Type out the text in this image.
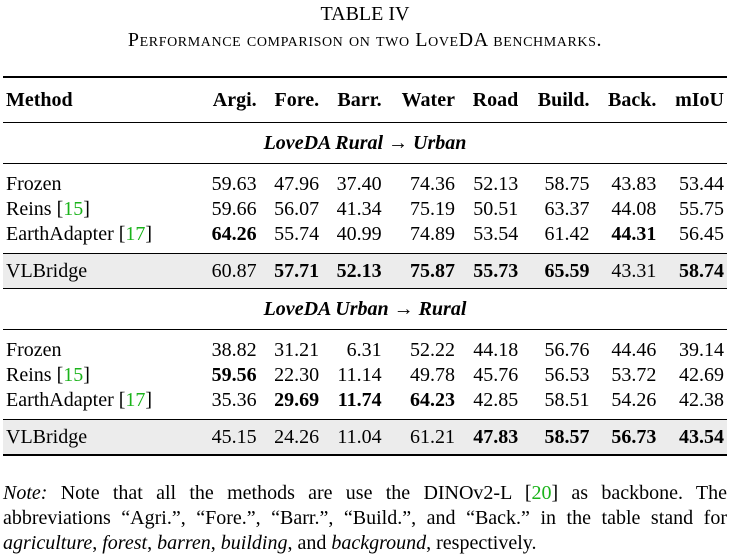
TABLE IV
Performance comparison on two LoveDA benchmarks.
Method	Argi.	Fore.	Barr.	Water	Road	Build.	Back.	mIoU
LoveDA Rural → Urban								
Frozen	59.63	47.96	37.40	74.36	52.13	58.75	43.83	53.44
Reins [15]	59.66	56.07	41.34	75.19	50.51	63.37	44.08	55.75
EarthAdapter [17]	64.26	55.74	40.99	74.89	53.54	61.42	44.31	56.45
VLBridge	60.87	57.71	52.13	75.87	55.73	65.59	43.31	58.74
LoveDA Urban → Rural								
Frozen	38.82	31.21	6.31	52.22	44.18	56.76	44.46	39.14
Reins [15]	59.56	22.30	11.14	49.78	45.76	56.53	53.72	42.69
EarthAdapter [17]	35.36	29.69	11.74	64.23	42.85	58.51	54.26	42.38
VLBridge	45.15	24.26	11.04	61.21	47.83	58.57	56.73	43.54
Note: Note that all the methods are use the DINOv2-L [20] as backbone. The abbreviations “Agri.”, “Fore.”, “Barr.”, “Build.”, and “Back.” in the table stand for agriculture, forest, barren, building, and background, respectively.
